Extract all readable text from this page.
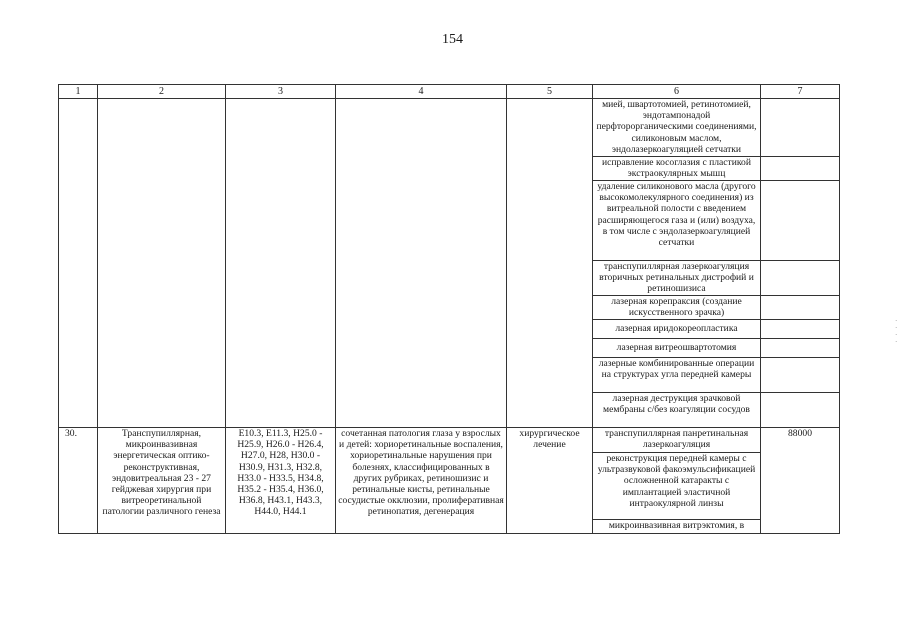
154
1	2	3	4	5	6	7
					мией, швартотомией, ретинотомией, эндотампонадой перфторорганическими соединениями, силиконовым маслом, эндолазеркоагуляцией сетчатки	
					исправление косоглазия с пластикой экстраокулярных мышц	
					удаление силиконового масла (другого высокомолекулярного соединения) из витреальной полости с введением расширяющегося газа и (или) воздуха, в том числе с эндолазеркоагуляцией сетчатки	
					транспупиллярная лазеркоагуляция вторичных ретинальных дистрофий и ретиношизиса	
					лазерная корепраксия (создание искусственного зрачка)	
					лазерная иридокореопластика	
					лазерная витреошвартотомия	
					лазерные комбинированные операции на структурах угла передней камеры	
					лазерная деструкция зрачковой мембраны с/без коагуляции сосудов	
30.	Транспупиллярная, микроинвазивная энергетическая оптико-реконструктивная, эндовитреальная 23 - 27 гейджевая хирургия при витреоретинальной патологии различного генеза	E10.3, E11.3, H25.0 - H25.9, H26.0 - H26.4, H27.0, H28, H30.0 - H30.9, H31.3, H32.8, H33.0 - H33.5, H34.8, H35.2 - H35.4, H36.0, H36.8, H43.1, H43.3, H44.0, H44.1	сочетанная патология глаза у взрослых и детей: хориоретинальные воспаления, хориоретинальные нарушения при болезнях, классифицированных в других рубриках, ретиношизис и ретинальные кисты, ретинальные сосудистые окклюзии, пролиферативная ретинопатия, дегенерация	хирургическое лечение	транспупиллярная панретинальная лазеркоагуляция	88000
					реконструкция передней камеры с ультразвуковой факоэмульсификацией осложненной катаракты с имплантацией эластичной интраокулярной линзы	
					микроинвазивная витрэктомия, в	
·
·
·
·
